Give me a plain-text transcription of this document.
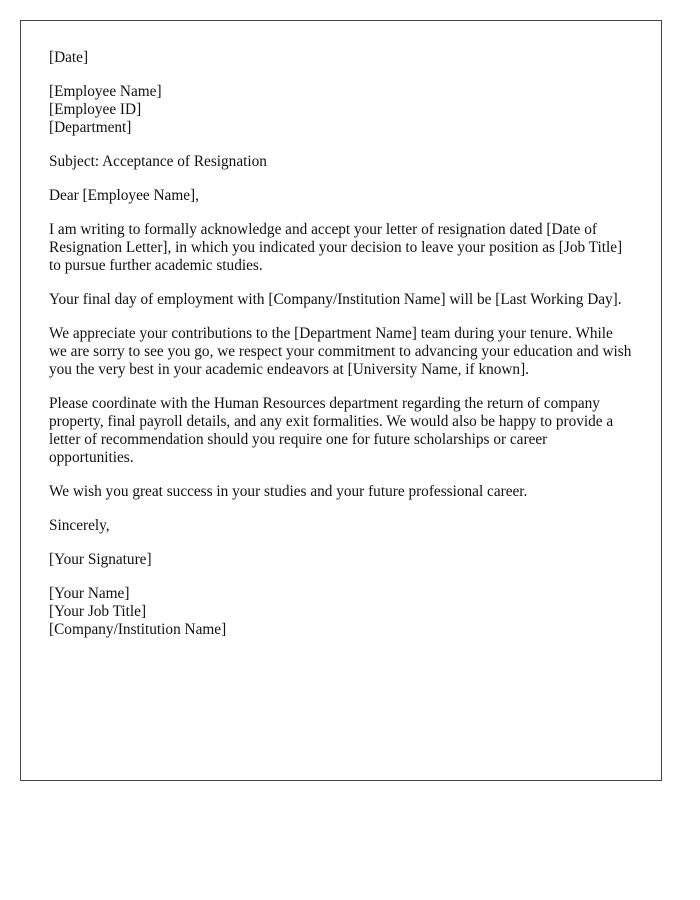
[Date]

[Employee Name]
[Employee ID]
[Department]

Subject: Acceptance of Resignation

Dear [Employee Name],

I am writing to formally acknowledge and accept your letter of resignation dated [Date of Resignation Letter], in which you indicated your decision to leave your position as [Job Title] to pursue further academic studies.

Your final day of employment with [Company/Institution Name] will be [Last Working Day].

We appreciate your contributions to the [Department Name] team during your tenure. While we are sorry to see you go, we respect your commitment to advancing your education and wish you the very best in your academic endeavors at [University Name, if known].

Please coordinate with the Human Resources department regarding the return of company property, final payroll details, and any exit formalities. We would also be happy to provide a letter of recommendation should you require one for future scholarships or career opportunities.

We wish you great success in your studies and your future professional career.

Sincerely,

[Your Signature]

[Your Name]
[Your Job Title]
[Company/Institution Name]
